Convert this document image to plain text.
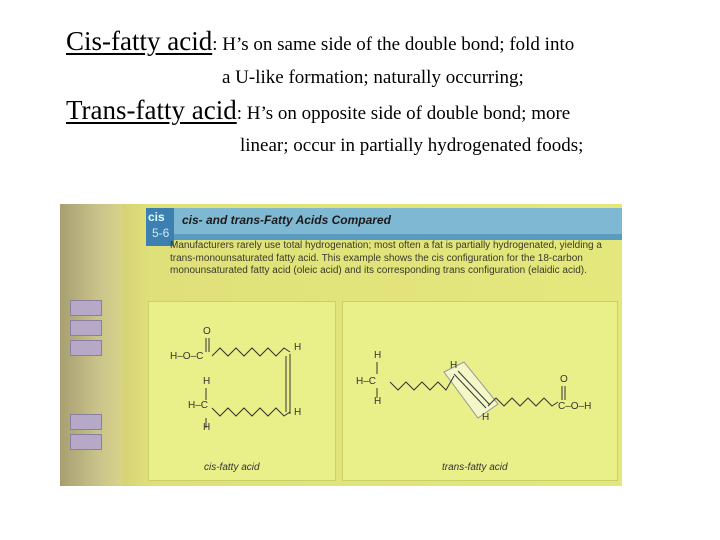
Cis-fatty acid: H’s on same side of the double bond; fold into
a U-like formation; naturally occurring;
Trans-fatty acid: H’s on opposite side of double bond; more
linear; occur in partially hydrogenated foods;
cis
5-6
cis- and trans-Fatty Acids Compared
Manufacturers rarely use total hydrogenation; most often a fat is partially hydrogenated, yielding a trans-monounsaturated fatty acid. This example shows the cis configuration for the 18-carbon monounsaturated fatty acid (oleic acid) and its corresponding trans configuration (elaidic acid).
O
H–O–C
H
H
H–C
H
H
cis-fatty acid
H
H–C
H
H
H
O
C–O–H
trans-fatty acid
